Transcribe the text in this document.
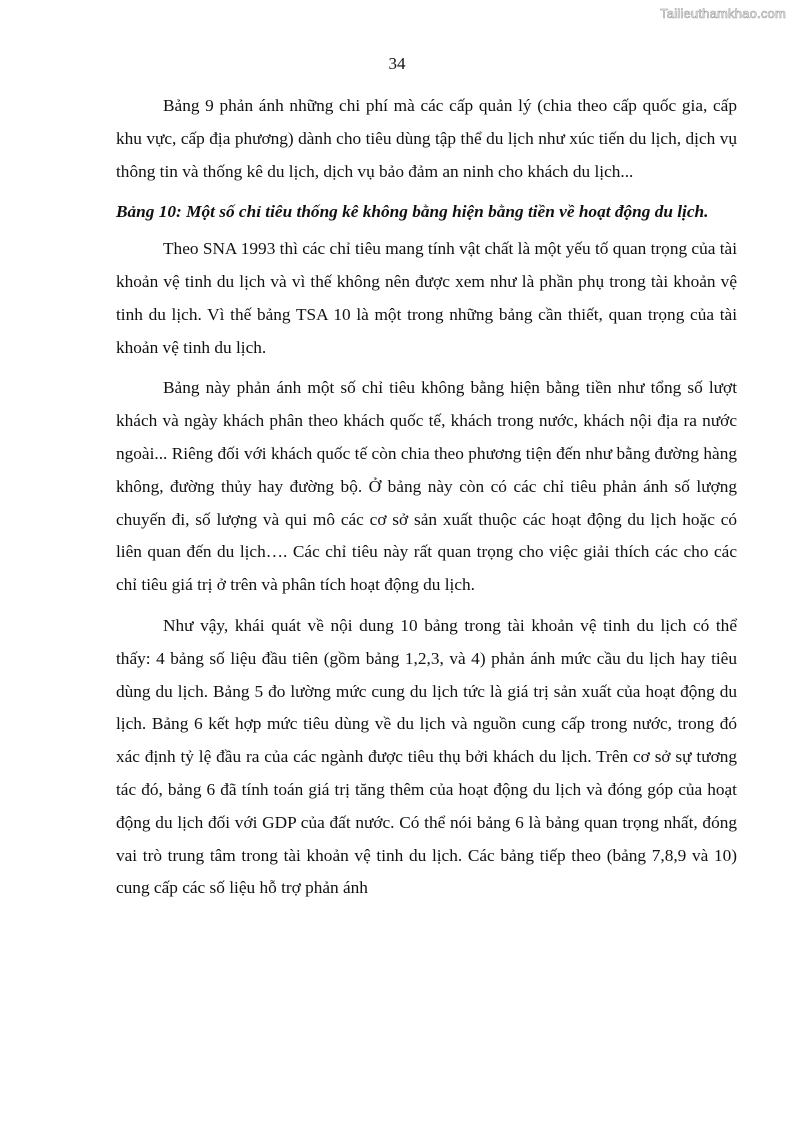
Tailieuthamkhao.com
34

Bảng 9 phản ánh những chi phí mà các cấp quản lý (chia theo cấp quốc gia, cấp khu vực, cấp địa phương) dành cho tiêu dùng tập thể du lịch như xúc tiến du lịch, dịch vụ thông tin và thống kê du lịch, dịch vụ bảo đảm an ninh cho khách du lịch...

Bảng 10: Một số chỉ tiêu thống kê không bằng hiện bằng tiền về hoạt động du lịch.

Theo SNA 1993 thì các chỉ tiêu mang tính vật chất là một yếu tố quan trọng của tài khoản vệ tinh du lịch và vì thế không nên được xem như là phần phụ trong tài khoản vệ tinh du lịch. Vì thế bảng TSA 10 là một trong những bảng cần thiết, quan trọng của tài khoản vệ tinh du lịch.

Bảng này phản ánh một số chỉ tiêu không bằng hiện bằng tiền như tổng số lượt khách và ngày khách phân theo khách quốc tế, khách trong nước, khách nội địa ra nước ngoài... Riêng đối với khách quốc tế còn chia theo phương tiện đến như bằng đường hàng không, đường thủy hay đường bộ. Ở bảng này còn có các chỉ tiêu phản ánh số lượng chuyến đi, số lượng và qui mô các cơ sở sản xuất thuộc các hoạt động du lịch hoặc có liên quan đến du lịch…. Các chỉ tiêu này rất quan trọng cho việc giải thích các cho các chỉ tiêu giá trị ở trên và phân tích hoạt động du lịch.

Như vậy, khái quát về nội dung 10 bảng trong tài khoản vệ tinh du lịch có thể thấy: 4 bảng số liệu đầu tiên (gồm bảng 1,2,3, và 4) phản ánh mức cầu du lịch hay tiêu dùng du lịch. Bảng 5 đo lường mức cung du lịch tức là giá trị sản xuất của hoạt động du lịch. Bảng 6 kết hợp mức tiêu dùng về du lịch và nguồn cung cấp trong nước, trong đó xác định tỷ lệ đầu ra của các ngành được tiêu thụ bởi khách du lịch. Trên cơ sở sự tương tác đó, bảng 6 đã tính toán giá trị tăng thêm của hoạt động du lịch và đóng góp của hoạt động du lịch đối với GDP của đất nước. Có thể nói bảng 6 là bảng quan trọng nhất, đóng vai trò trung tâm trong tài khoản vệ tinh du lịch. Các bảng tiếp theo (bảng 7,8,9 và 10) cung cấp các số liệu hỗ trợ phản ánh
